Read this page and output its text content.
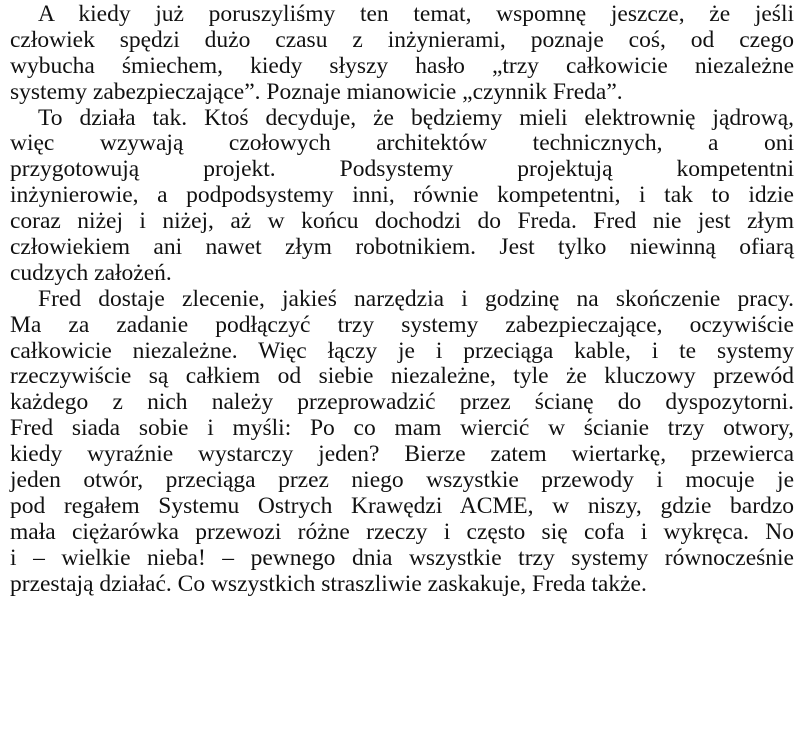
A kiedy już poruszyliśmy ten temat, wspomnę jeszcze, że jeśli
człowiek spędzi dużo czasu z inżynierami, poznaje coś, od czego
wybucha śmiechem, kiedy słyszy hasło „trzy całkowicie niezależne
systemy zabezpieczające”. Poznaje mianowicie „czynnik Freda”.
To działa tak. Ktoś decyduje, że będziemy mieli elektrownię jądrową,
więc wzywają czołowych architektów technicznych, a oni
przygotowują projekt. Podsystemy projektują kompetentni
inżynierowie, a podpodsystemy inni, równie kompetentni, i tak to idzie
coraz niżej i niżej, aż w końcu dochodzi do Freda. Fred nie jest złym
człowiekiem ani nawet złym robotnikiem. Jest tylko niewinną ofiarą
cudzych założeń.
Fred dostaje zlecenie, jakieś narzędzia i godzinę na skończenie pracy.
Ma za zadanie podłączyć trzy systemy zabezpieczające, oczywiście
całkowicie niezależne. Więc łączy je i przeciąga kable, i te systemy
rzeczywiście są całkiem od siebie niezależne, tyle że kluczowy przewód
każdego z nich należy przeprowadzić przez ścianę do dyspozytorni.
Fred siada sobie i myśli: Po co mam wiercić w ścianie trzy otwory,
kiedy wyraźnie wystarczy jeden? Bierze zatem wiertarkę, przewierca
jeden otwór, przeciąga przez niego wszystkie przewody i mocuje je
pod regałem Systemu Ostrych Krawędzi ACME, w niszy, gdzie bardzo
mała ciężarówka przewozi różne rzeczy i często się cofa i wykręca. No
i – wielkie nieba! – pewnego dnia wszystkie trzy systemy równocześnie
przestają działać. Co wszystkich straszliwie zaskakuje, Freda także.
